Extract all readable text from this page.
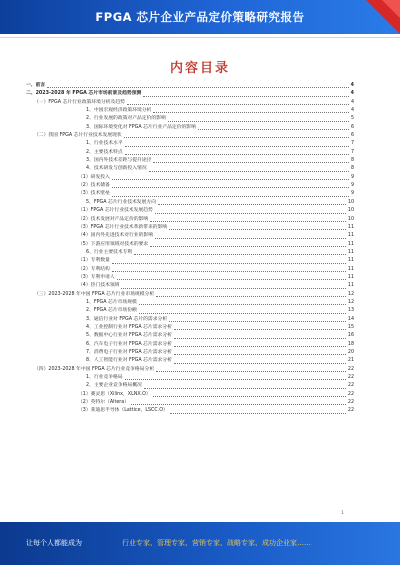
FPGA 芯片企业产品定价策略研究报告
内容目录
一、前言	4
二、2023-2028 年 FPGA 芯片市场前景及趋势预测	4
（一）FPGA 芯片行业政策环境分析及趋势	4
1、中国宏观经济政策环境分析	4
2、行业发展的政策对产品定价的影响	5
3、国际环境变化对 FPGA 芯片行业产品定价的影响	6
（二）我国 FPGA 芯片行业技术发展现状	6
1、行业技术水平	7
2、主要技术特点	7
3、国内外技术差距与提升途径	8
4、技术研发与创新投入情况	8
（1）研发投入	9
（2）技术储备	9
（3）技术壁垒	9
5、FPGA 芯片行业技术发展方向	10
（1）FPGA 芯片行业技术发展趋势	10
（2）技术发展对产品定价的影响	10
（3）FPGA 芯片行业技术革新带来的影响	11
（4）国内外先进技术对行业的影响	11
（5）下游应用领域对技术的要求	11
6、行业主要技术专利	11
（1）专利数量	11
（2）专利结构	11
（3）专利申请人	11
（4）热门技术领域	11
（三）2023-2028 年中国 FPGA 芯片行业市场规模分析	12
1、FPGA 芯片市场规模	12
2、FPGA 芯片市场份额	13
3、通信行业对 FPGA 芯片的需求分析	14
4、工业控制行业对 FPGA 芯片需求分析	15
5、数据中心行业对 FPGA 芯片需求分析	16
6、汽车电子行业对 FPGA 芯片需求分析	18
7、消费电子行业对 FPGA 芯片需求分析	20
8、人工智能行业对 FPGA 芯片需求分析	21
（四）2023-2028 年中国 FPGA 芯片行业竞争格局分析	22
1、行业竞争格局	22
2、主要企业竞争格局概况	22
（1）赛灵思（Xilinx，XLNX.O）	22
（2）英特尔（Altera）	22
（3）莱迪思半导体（Lattice，LSCC.O）	22
1
让每个人都能成为	行业专家、管理专家、营销专家、战略专家、成功企业家……
